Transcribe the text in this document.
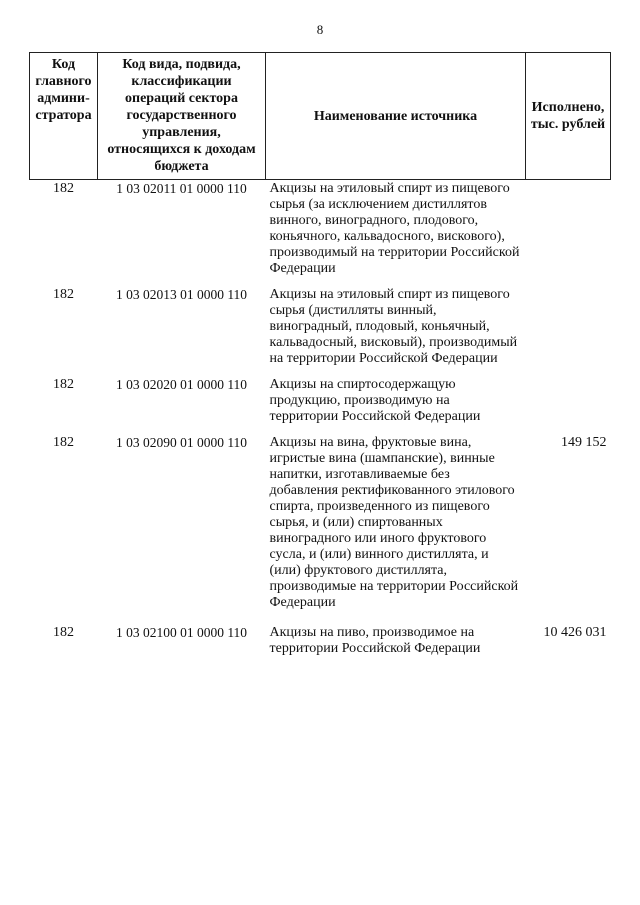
8
Код главного админи-стратора	Код вида, подвида, классификации операций сектора государственного управления, относящихся к доходам бюджета	Наименование источника	Исполнено, тыс. рублей
182	1 03 02011 01 0000 110	Акцизы на этиловый спирт из пищевого сырья (за исключением дистиллятов винного, виноградного, плодового, коньячного, кальвадосного, вискового), производимый на территории Российской Федерации	
182	1 03 02013 01 0000 110	Акцизы на этиловый спирт из пищевого сырья (дистилляты винный, виноградный, плодовый, коньячный, кальвадосный, висковый), производимый на территории Российской Федерации	
182	1 03 02020 01 0000 110	Акцизы на спиртосодержащую продукцию, производимую на территории Российской Федерации	
182	1 03 02090 01 0000 110	Акцизы на вина, фруктовые вина, игристые вина (шампанские), винные напитки, изготавливаемые без добавления ректификованного этилового спирта, произведенного из пищевого сырья, и (или) спиртованных виноградного или иного фруктового сусла, и (или) винного дистиллята, и (или) фруктового дистиллята, производимые на территории Российской Федерации	149 152
182	1 03 02100 01 0000 110	Акцизы на пиво, производимое на территории Российской Федерации	10 426 031
